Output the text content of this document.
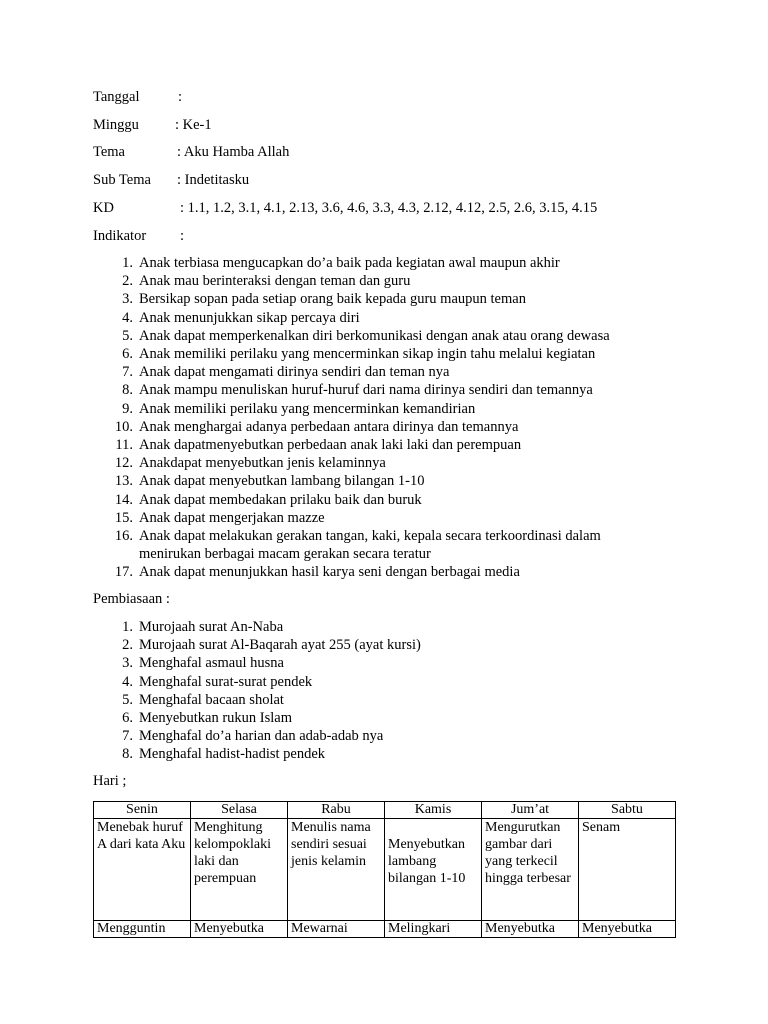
Tanggal	:
Minggu : Ke-1
Tema	: Aku Hamba Allah
Sub Tema : Indetitasku
KD	: 1.1, 1.2, 3.1, 4.1, 2.13, 3.6, 4.6, 3.3, 4.3, 2.12, 4.12, 2.5, 2.6, 3.15, 4.15
Indikator :
1. Anak terbiasa mengucapkan do’a baik pada kegiatan awal maupun akhir
2. Anak mau berinteraksi dengan teman dan guru
3. Bersikap sopan pada setiap orang baik kepada guru maupun teman
4. Anak menunjukkan sikap percaya diri
5. Anak dapat memperkenalkan diri berkomunikasi dengan anak atau orang dewasa
6. Anak memiliki perilaku yang mencerminkan sikap ingin tahu melalui kegiatan
7. Anak dapat mengamati dirinya sendiri dan teman nya
8. Anak mampu menuliskan huruf-huruf dari nama dirinya sendiri dan temannya
9. Anak memiliki perilaku yang mencerminkan kemandirian
10. Anak menghargai adanya perbedaan antara dirinya dan temannya
11. Anak dapatmenyebutkan perbedaan anak laki laki dan perempuan
12. Anakdapat menyebutkan jenis kelaminnya
13. Anak dapat menyebutkan lambang bilangan 1-10
14. Anak dapat membedakan prilaku baik dan buruk
15. Anak dapat mengerjakan mazze
16. Anak dapat melakukan gerakan tangan, kaki, kepala secara terkoordinasi dalam menirukan berbagai macam gerakan secara teratur
17. Anak dapat menunjukkan hasil karya seni dengan berbagai media
Pembiasaan :
1. Murojaah surat An-Naba
2. Murojaah surat Al-Baqarah ayat 255 (ayat kursi)
3. Menghafal asmaul husna
4. Menghafal surat-surat pendek
5. Menghafal bacaan sholat
6. Menyebutkan rukun Islam
7. Menghafal do’a harian dan adab-adab nya
8. Menghafal hadist-hadist pendek
Hari ;
Senin	Selasa	Rabu	Kamis	Jum’at	Sabtu
Menebak huruf A dari kata Aku	Menghitung kelompoklaki laki dan perempuan	Menulis nama sendiri sesuai jenis kelamin	Menyebutkan lambang bilangan 1-10	Mengurutkan gambar dari yang terkecil hingga terbesar	Senam
Mengguntin	Menyebutka	Mewarnai	Melingkari	Menyebutka	Menyebutka
